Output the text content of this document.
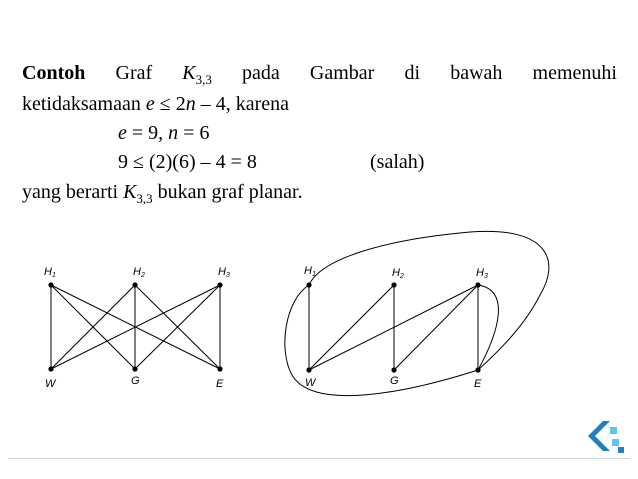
Contoh Graf $K_{3,3}$ pada Gambar di bawah memenuhi
ketidaksamaan e ≤ 2n – 4, karena
e = 9, n = 6
9 ≤ (2)(6) – 4 = 8	(salah)
yang berarti $K_{3,3}$ bukan graf planar.
H1	H2	H3
W	G	E
H1	H2	H3
W	G	E
